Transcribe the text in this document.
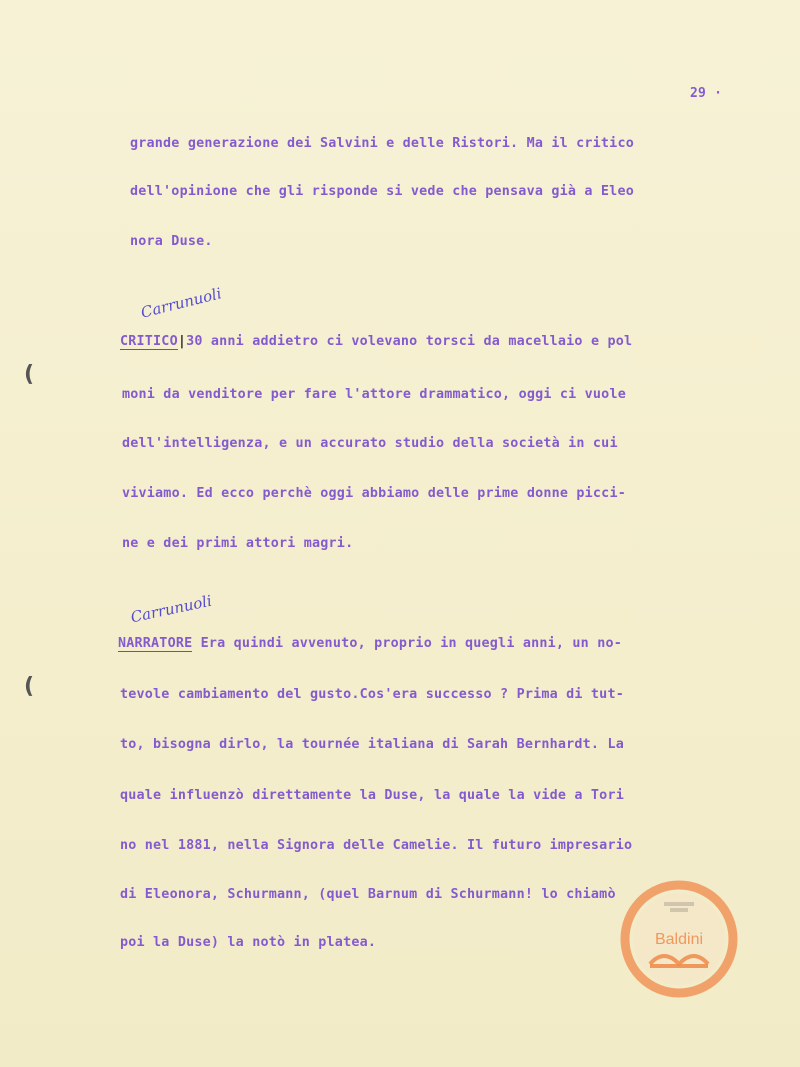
29 ·
grande generazione dei Salvini e delle Ristori. Ma il critico
dell'opinione che gli risponde si vede che pensava già a Eleo
nora Duse.
Carrunuoli
CRITICO|30 anni addietro ci volevano torsci da macellaio e pol
moni da venditore per fare l'attore drammatico, oggi ci vuole
dell'intelligenza, e un accurato studio della società in cui
viviamo. Ed ecco perchè oggi abbiamo delle prime donne picci-
ne e dei primi attori magri.
Carrunuoli
NARRATORE Era quindi avvenuto, proprio in quegli anni, un no-
tevole cambiamento del gusto.Cos'era successo ? Prima di tut-
to, bisogna dirlo, la tournée italiana di Sarah Bernhardt. La
quale influenzò direttamente la Duse, la quale la vide a Tori
no nel 1881, nella Signora delle Camelie. Il futuro impresario
di Eleonora, Schurmann, (quel Barnum di Schurmann! lo chiamò
poi la Duse) la notò in platea.
(
(
Baldini
